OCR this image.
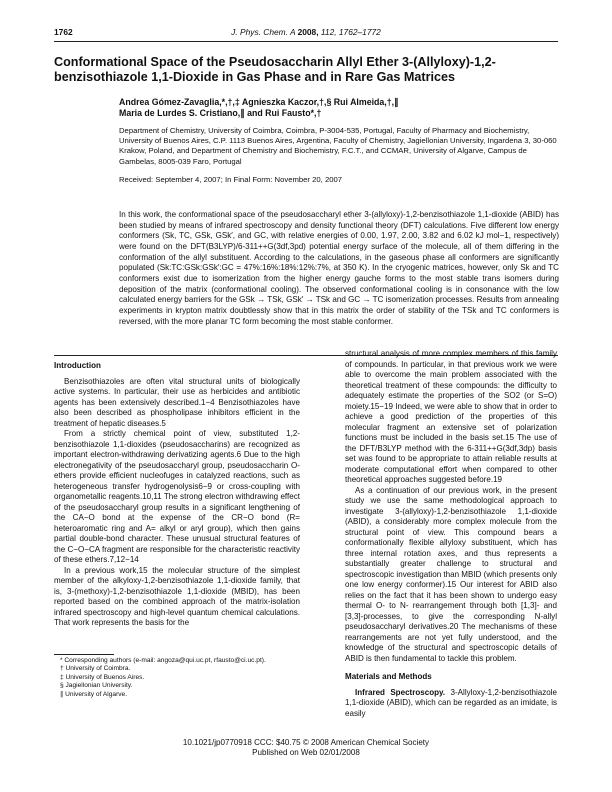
1762	J. Phys. Chem. A 2008, 112, 1762–1772
Conformational Space of the Pseudosaccharin Allyl Ether 3-(Allyloxy)-1,2-benzisothiazole 1,1-Dioxide in Gas Phase and in Rare Gas Matrices
Andrea Gómez-Zavaglia,*,†,‡ Agnieszka Kaczor,†,§ Rui Almeida,†,∥
Maria de Lurdes S. Cristiano,∥ and Rui Fausto*,†
Department of Chemistry, University of Coimbra, Coimbra, P-3004-535, Portugal, Faculty of Pharmacy and Biochemistry, University of Buenos Aires, C.P. 1113 Buenos Aires, Argentina, Faculty of Chemistry, Jagiellonian University, Ingardena 3, 30-060 Krakow, Poland, and Department of Chemistry and Biochemistry, F.C.T., and CCMAR, University of Algarve, Campus de Gambelas, 8005-039 Faro, Portugal
Received: September 4, 2007; In Final Form: November 20, 2007
In this work, the conformational space of the pseudosaccharyl ether 3-(allyloxy)-1,2-benzisothiazole 1,1-dioxide (ABID) has been studied by means of infrared spectroscopy and density functional theory (DFT) calculations. Five different low energy conformers (Sk, TC, GSk, GSk′, and GC, with relative energies of 0.00, 1.97, 2.00, 3.82 and 6.02 kJ mol−1, respectively) were found on the DFT(B3LYP)/6-311++G(3df,3pd) potential energy surface of the molecule, all of them differing in the conformation of the allyl substituent. According to the calculations, in the gaseous phase all conformers are significantly populated (Sk:TC:GSk:GSk′:GC = 47%:16%:18%:12%:7%, at 350 K). In the cryogenic matrices, however, only Sk and TC conformers exist due to isomerization from the higher energy gauche forms to the most stable trans isomers during deposition of the matrix (conformational cooling). The observed conformational cooling is in consonance with the low calculated energy barriers for the GSk → TSk, GSk′ → TSk and GC → TC isomerization processes. Results from annealing experiments in krypton matrix doubtlessly show that in this matrix the order of stability of the TSk and TC conformers is reversed, with the more planar TC form becoming the most stable conformer.
Introduction

Benzisothiazoles are often vital structural units of biologically active systems. In particular, their use as herbicides and antibiotic agents has been extensively described.1−4 Benzisothiazoles have also been described as phospholipase inhibitors efficient in the treatment of hepatic diseases.5

From a strictly chemical point of view, substituted 1,2-benzisothiazole 1,1-dioxides (pseudosaccharins) are recognized as important electron-withdrawing derivatizing agents.6 Due to the high electronegativity of the pseudosaccharyl group, pseudosaccharin O-ethers provide efficient nucleofuges in catalyzed reactions, such as heterogeneous transfer hydrogenolysis6−9 or cross-coupling with organometallic reagents.10,11 The strong electron withdrawing effect of the pseudosaccharyl group results in a significant lengthening of the CA−O bond at the expense of the CR−O bond (R= heteroaromatic ring and A= alkyl or aryl group), which then gains partial double-bond character. These unusual structural features of the C−O−CA fragment are responsible for the characteristic reactivity of these ethers.7,12−14

In a previous work,15 the molecular structure of the simplest member of the alkyloxy-1,2-benzisothiazole 1,1-dioxide family, that is, 3-(methoxy)-1,2-benzisothiazole 1,1-dioxide (MBID), has been reported based on the combined approach of the matrix-isolation infrared spectroscopy and high-level quantum chemical calculations. That work represents the basis for the

structural analysis of more complex members of this family of compounds. In particular, in that previous work we were able to overcome the main problem associated with the theoretical treatment of these compounds: the difficulty to adequately estimate the properties of the SO2 (or S=O) moiety.15−19 Indeed, we were able to show that in order to achieve a good prediction of the properties of this molecular fragment an extensive set of polarization functions must be included in the basis set.15 The use of the DFT/B3LYP method with the 6-311++G(3df,3dp) basis set was found to be appropriate to attain reliable results at moderate computational effort when compared to other theoretical approaches suggested before.19

As a continuation of our previous work, in the present study we use the same methodological approach to investigate 3-(allyloxy)-1,2-benzisothiazole 1,1-dioxide (ABID), a considerably more complex molecule from the structural point of view. This compound bears a conformationally flexible allyloxy substituent, which has three internal rotation axes, and thus represents a substantially greater challenge to structural and spectroscopic investigation than MBID (which presents only one low energy conformer).15 Our interest for ABID also relies on the fact that it has been shown to undergo easy thermal O- to N- rearrangement through both [1,3]- and [3,3]-processes, to give the corresponding N-allyl pseudosaccharyl derivatives.20 The mechanisms of these rearrangements are not yet fully understood, and the knowledge of the structural and spectroscopic details of ABID is then fundamental to tackle this problem.

Materials and Methods

Infrared Spectroscopy. 3-Allyloxy-1,2-benzisothiazole 1,1-dioxide (ABID), which can be regarded as an imidate, is easily

* Corresponding authors (e-mail: angoza@qui.uc.pt, rfausto@ci.uc.pt).
† University of Coimbra.
‡ University of Buenos Aires.
§ Jagiellonian University.
∥ University of Algarve.
10.1021/jp0770918 CCC: $40.75 © 2008 American Chemical Society
Published on Web 02/01/2008
